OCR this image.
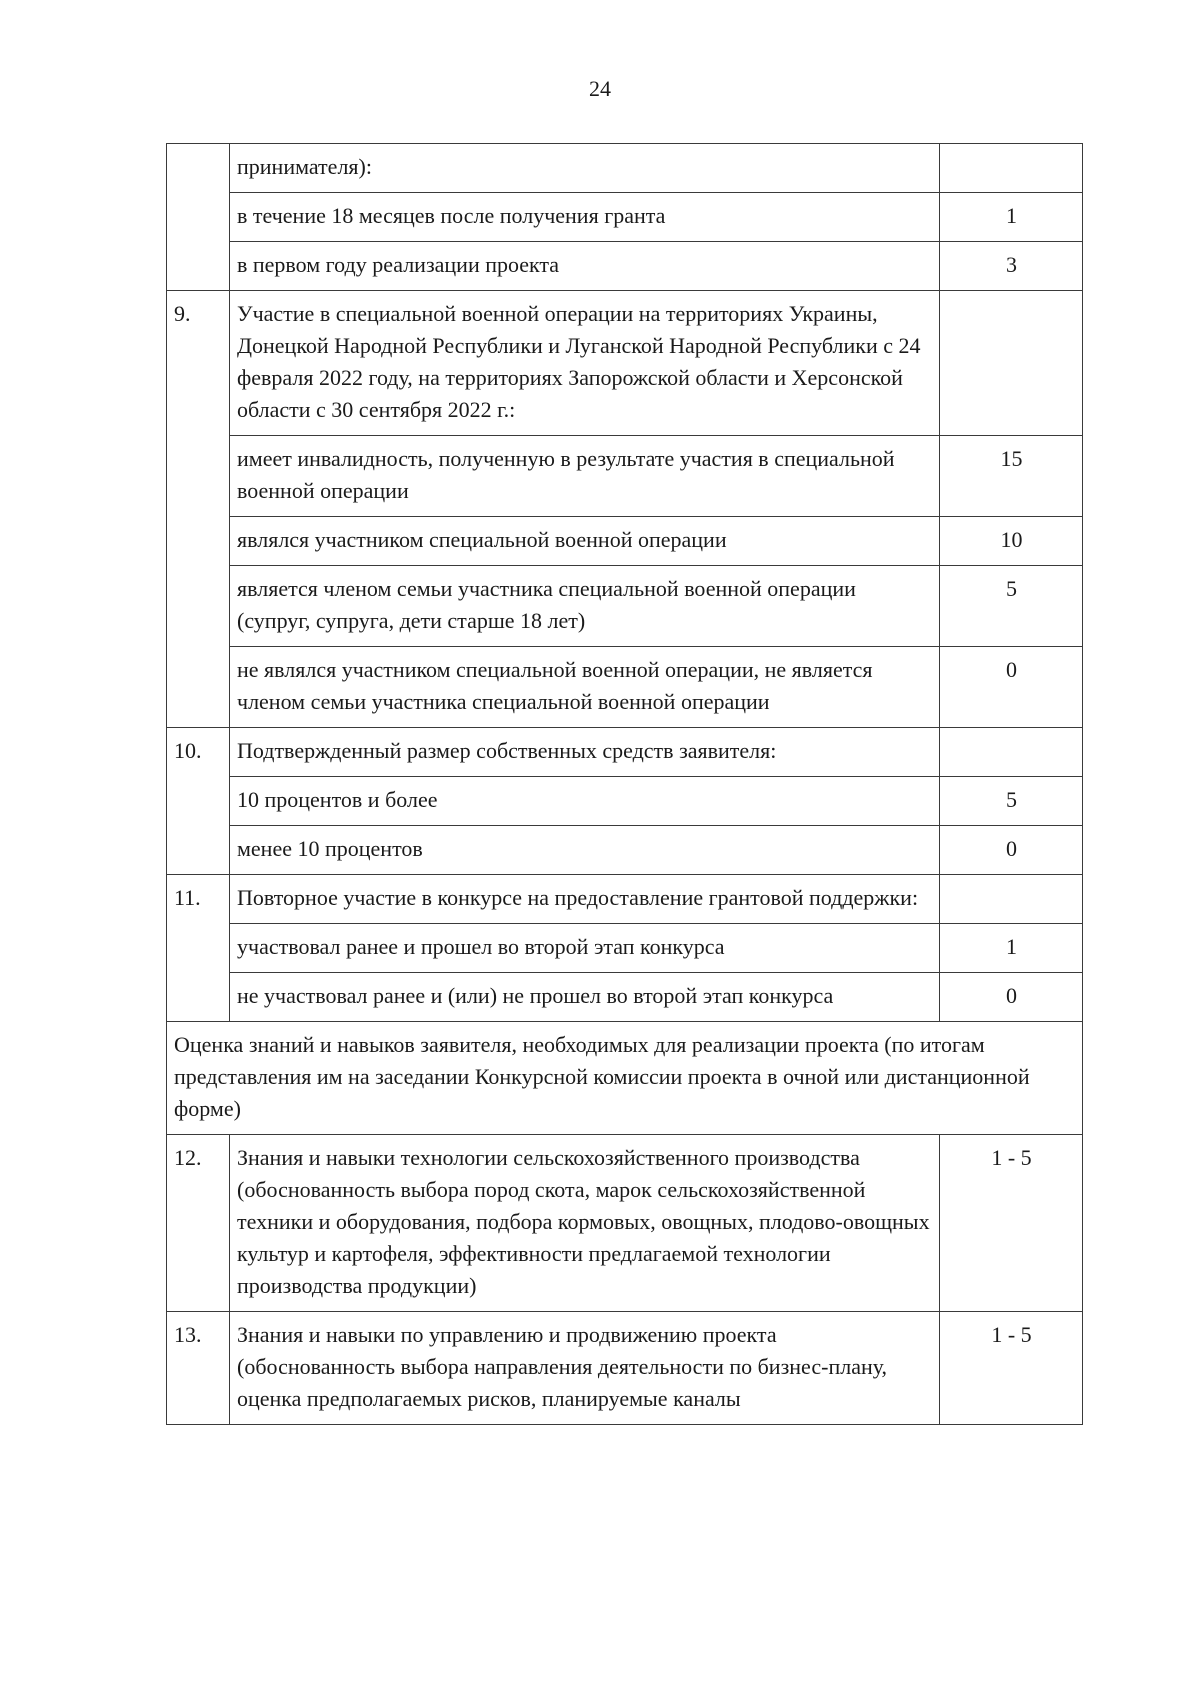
24
	принимателя):	
	в течение 18 месяцев после получения гранта	1
	в первом году реализации проекта	3
9.	Участие в специальной военной операции на территориях Украины, Донецкой Народной Республики и Луганской Народной Республики с 24 февраля 2022 году, на территориях Запорожской области и Херсонской области с 30 сентября 2022 г.:	
	имеет инвалидность, полученную в результате участия в специальной военной операции	15
	являлся участником специальной военной операции	10
	является членом семьи участника специальной военной операции (супруг, супруга, дети старше 18 лет)	5
	не являлся участником специальной военной операции, не является членом семьи участника специальной военной операции	0
10.	Подтвержденный размер собственных средств заявителя:	
	10 процентов и более	5
	менее 10 процентов	0
11.	Повторное участие в конкурсе на предоставление грантовой поддержки:	
	участвовал ранее и прошел во второй этап конкурса	1
	не участвовал ранее и (или) не прошел во второй этап конкурса	0
Оценка знаний и навыков заявителя, необходимых для реализации проекта (по итогам представления им на заседании Конкурсной комиссии проекта в очной или дистанционной форме)		
12.	Знания и навыки технологии сельскохозяйственного производства (обоснованность выбора пород скота, марок сельскохозяйственной техники и оборудования, подбора кормовых, овощных, плодово-овощных культур и картофеля, эффективности предлагаемой технологии производства продукции)	1 - 5
13.	Знания и навыки по управлению и продвижению проекта (обоснованность выбора направления деятельности по бизнес-плану, оценка предполагаемых рисков, планируемые каналы	1 - 5
